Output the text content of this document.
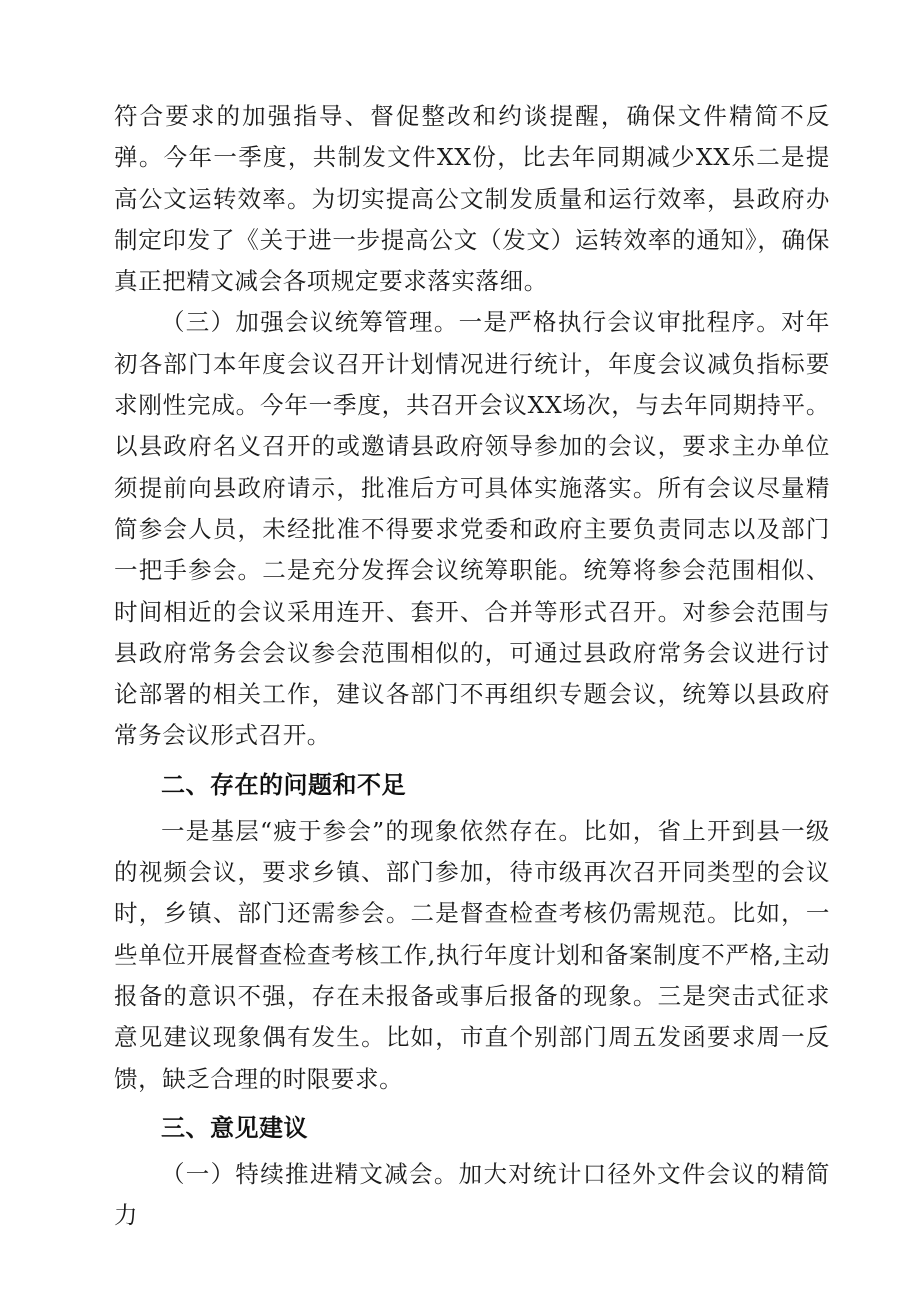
符合要求的加强指导、督促整改和约谈提醒，确保文件精简不反弹。今年一季度，共制发文件XX份，比去年同期减少XX乐二是提高公文运转效率。为切实提高公文制发质量和运行效率，县政府办制定印发了《关于进一步提高公文（发文）运转效率的通知》，确保真正把精文减会各项规定要求落实落细。

（三）加强会议统筹管理。一是严格执行会议审批程序。对年初各部门本年度会议召开计划情况进行统计，年度会议减负指标要求刚性完成。今年一季度，共召开会议XX场次，与去年同期持平。以县政府名义召开的或邀请县政府领导参加的会议，要求主办单位须提前向县政府请示，批准后方可具体实施落实。所有会议尽量精简参会人员，未经批准不得要求党委和政府主要负责同志以及部门一把手参会。二是充分发挥会议统筹职能。统筹将参会范围相似、时间相近的会议采用连开、套开、合并等形式召开。对参会范围与县政府常务会会议参会范围相似的，可通过县政府常务会议进行讨论部署的相关工作，建议各部门不再组织专题会议，统筹以县政府常务会议形式召开。

二、存在的问题和不足

一是基层“疲于参会”的现象依然存在。比如，省上开到县一级的视频会议，要求乡镇、部门参加，待市级再次召开同类型的会议时，乡镇、部门还需参会。二是督查检查考核仍需规范。比如，一些单位开展督查检查考核工作,执行年度计划和备案制度不严格,主动报备的意识不强，存在未报备或事后报备的现象。三是突击式征求意见建议现象偶有发生。比如，市直个别部门周五发函要求周一反馈，缺乏合理的时限要求。

三、意见建议

（一）特续推进精文减会。加大对统计口径外文件会议的精简力
